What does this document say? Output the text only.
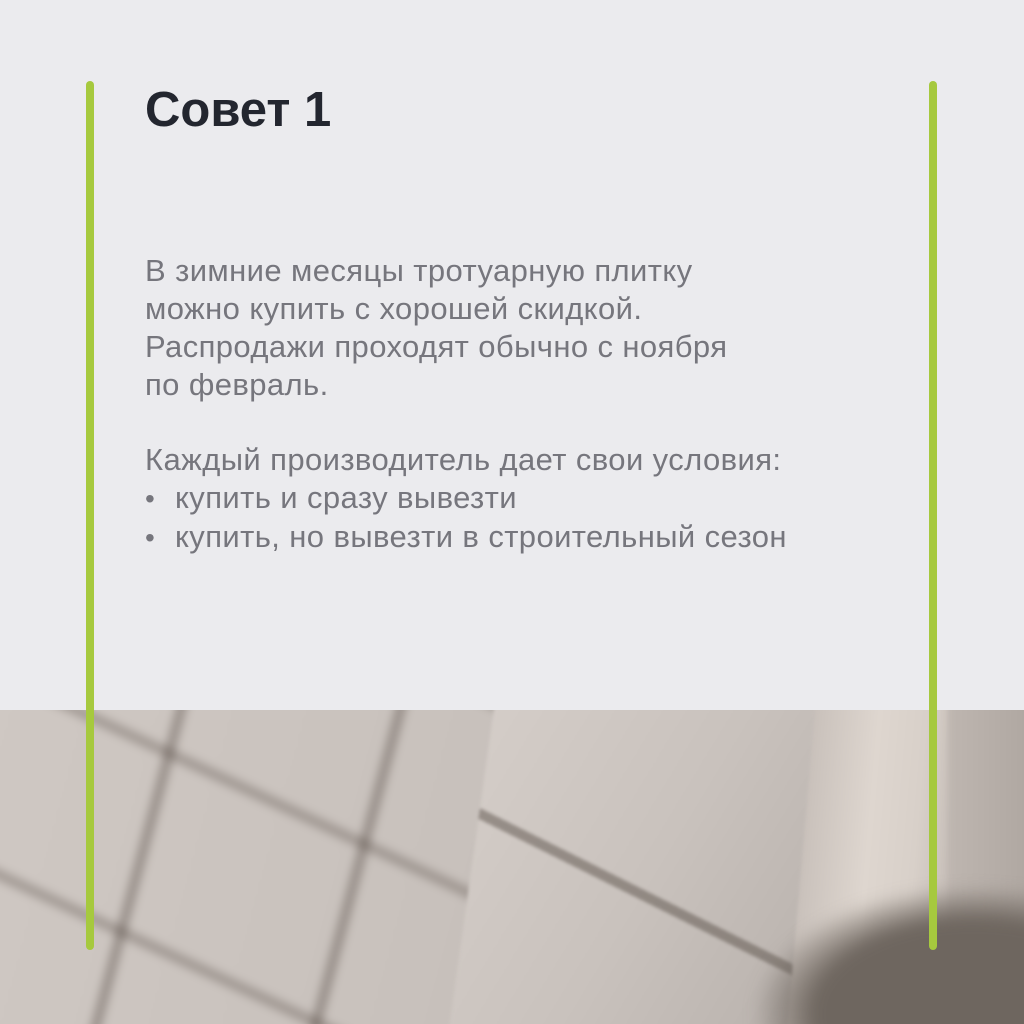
Совет 1
В зимние месяцы тротуарную плитку
можно купить с хорошей скидкой.
Распродажи проходят обычно с ноября
по февраль.
Каждый производитель дает свои условия:
• купить и сразу вывезти
• купить, но вывезти в строительный сезон
